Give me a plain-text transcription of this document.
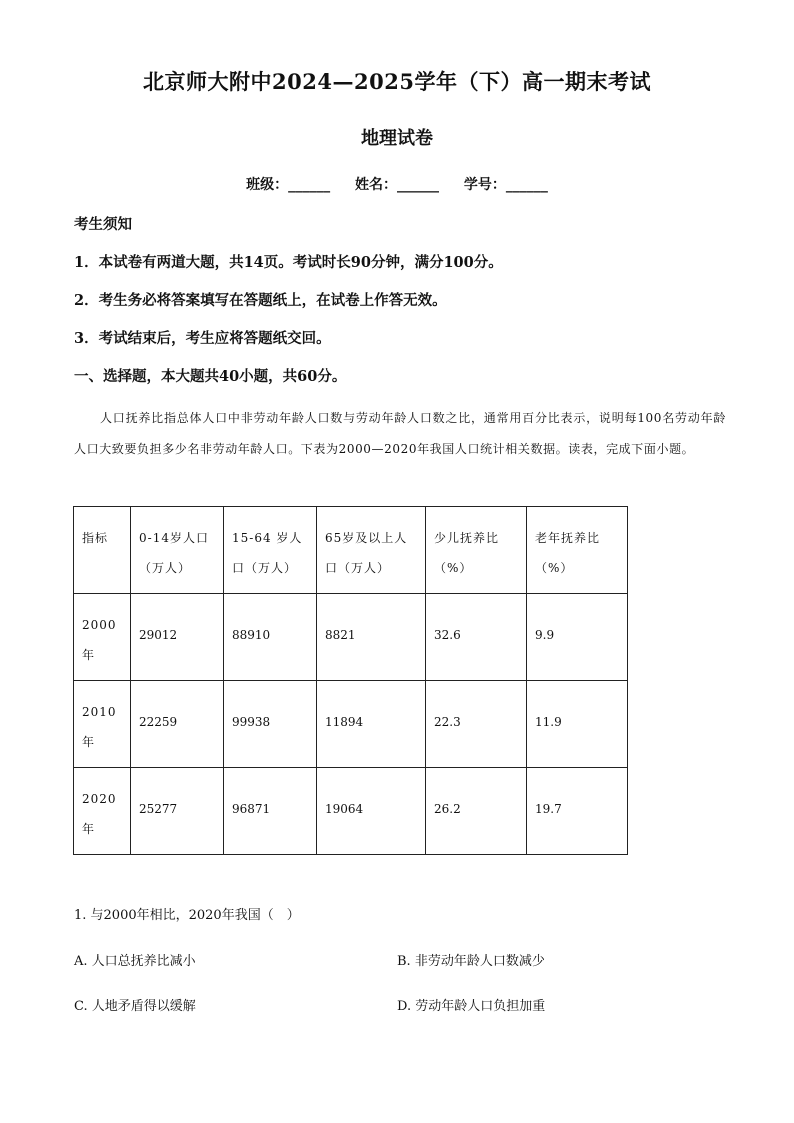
北京师大附中2024—2025学年（下）高一期末考试
地理试卷
班级：______ 姓名：______ 学号：______
考生须知
1．本试卷有两道大题，共14页。考试时长90分钟，满分100分。
2．考生务必将答案填写在答题纸上，在试卷上作答无效。
3．考试结束后，考生应将答题纸交回。
一、选择题，本大题共40小题，共60分。
人口抚养比指总体人口中非劳动年龄人口数与劳动年龄人口数之比，通常用百分比表示，说明每100名劳动年龄人口大致要负担多少名非劳动年龄人口。下表为2000—2020年我国人口统计相关数据。读表，完成下面小题。
指标	0-14岁人口（万人）	15-64 岁人口（万人）	65岁及以上人口（万人）	少儿抚养比（%）	老年抚养比（%）
2000年	29012	88910	8821	32.6	9.9
2010年	22259	99938	11894	22.3	11.9
2020年	25277	96871	19064	26.2	19.7
1. 与2000年相比，2020年我国（　）
A. 人口总抚养比减小	B. 非劳动年龄人口数减少
C. 人地矛盾得以缓解	D. 劳动年龄人口负担加重
